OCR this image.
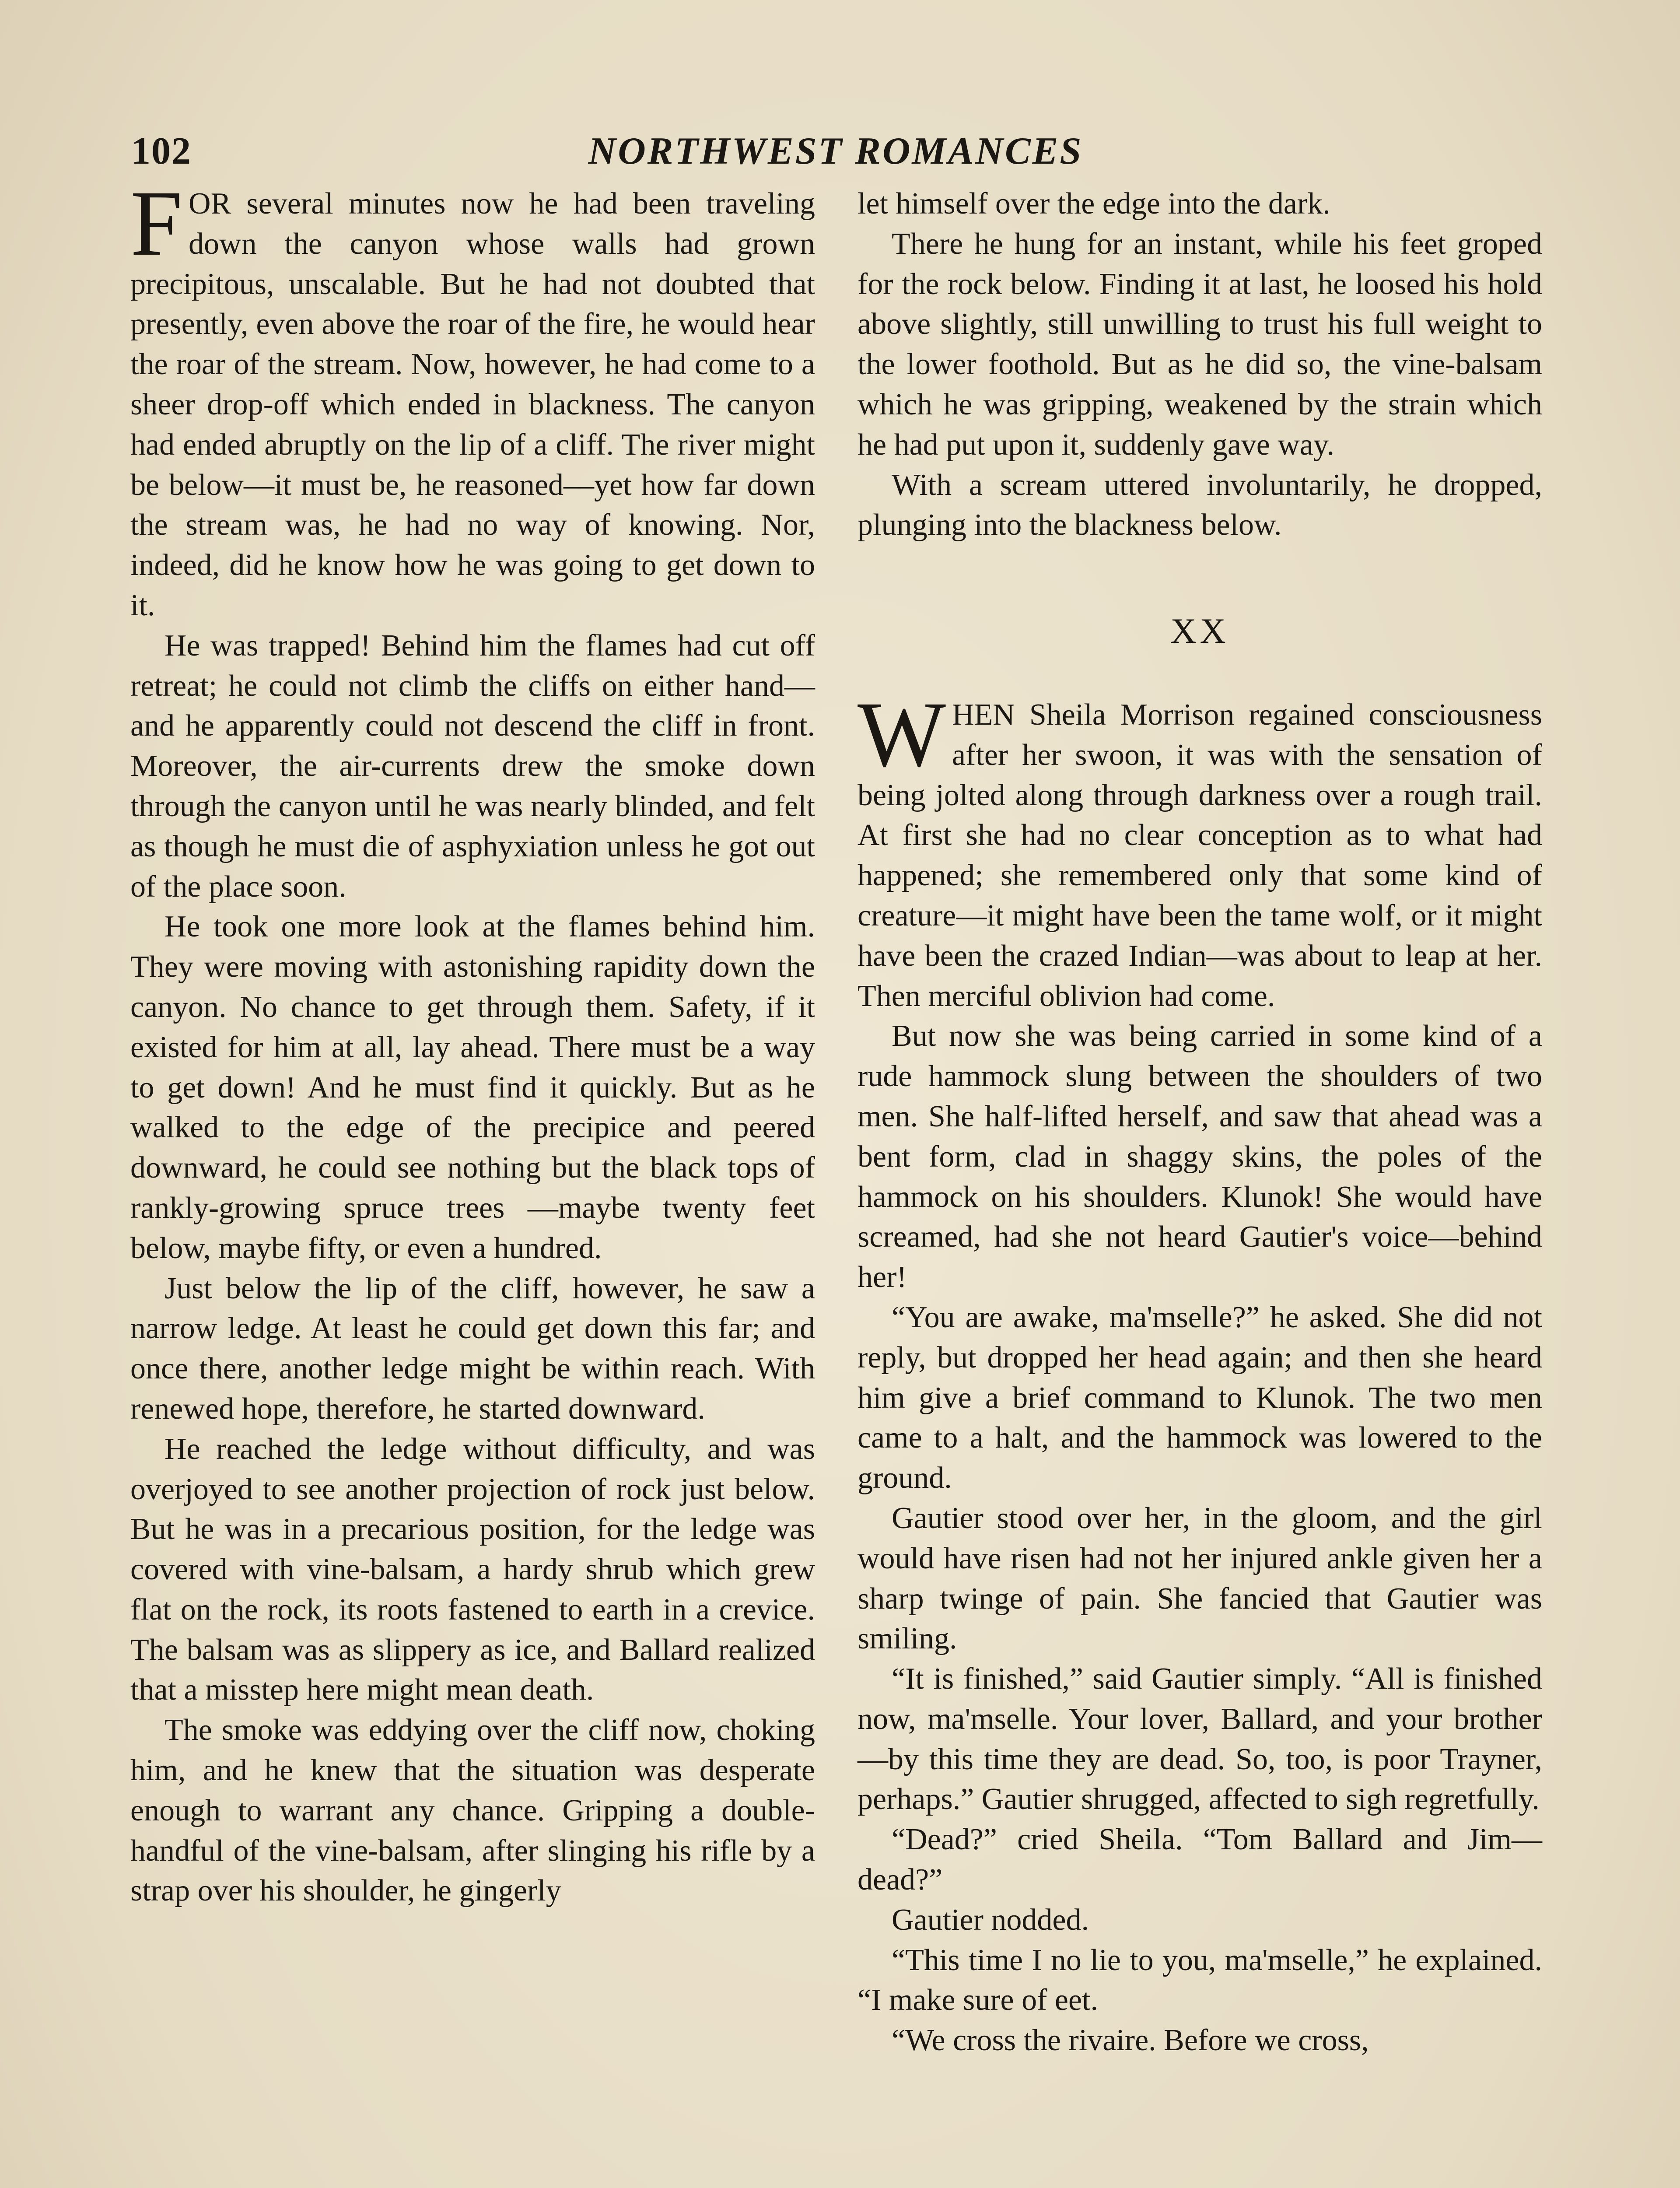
102	NORTHWEST ROMANCES

FOR several minutes now he had been traveling down the canyon whose walls had grown precipitous, unscalable. But he had not doubted that presently, even above the roar of the fire, he would hear the roar of the stream. Now, however, he had come to a sheer drop-off which ended in blackness. The canyon had ended abruptly on the lip of a cliff. The river might be below—it must be, he reasoned—yet how far down the stream was, he had no way of knowing. Nor, indeed, did he know how he was going to get down to it.

He was trapped! Behind him the flames had cut off retreat; he could not climb the cliffs on either hand—and he apparently could not descend the cliff in front. Moreover, the air-currents drew the smoke down through the canyon until he was nearly blinded, and felt as though he must die of asphyxiation unless he got out of the place soon.

He took one more look at the flames behind him. They were moving with astonishing rapidity down the canyon. No chance to get through them. Safety, if it existed for him at all, lay ahead. There must be a way to get down! And he must find it quickly. But as he walked to the edge of the precipice and peered downward, he could see nothing but the black tops of rankly-growing spruce trees —maybe twenty feet below, maybe fifty, or even a hundred.

Just below the lip of the cliff, however, he saw a narrow ledge. At least he could get down this far; and once there, another ledge might be within reach. With renewed hope, therefore, he started downward.

He reached the ledge without difficulty, and was overjoyed to see another projection of rock just below. But he was in a precarious position, for the ledge was covered with vine-balsam, a hardy shrub which grew flat on the rock, its roots fastened to earth in a crevice. The balsam was as slippery as ice, and Ballard realized that a misstep here might mean death.

The smoke was eddying over the cliff now, choking him, and he knew that the situation was desperate enough to warrant any chance. Gripping a double-handful of the vine-balsam, after slinging his rifle by a strap over his shoulder, he gingerly

let himself over the edge into the dark.

There he hung for an instant, while his feet groped for the rock below. Finding it at last, he loosed his hold above slightly, still unwilling to trust his full weight to the lower foothold. But as he did so, the vine-balsam which he was gripping, weakened by the strain which he had put upon it, suddenly gave way.

With a scream uttered involuntarily, he dropped, plunging into the blackness below.

XX

WHEN Sheila Morrison regained consciousness after her swoon, it was with the sensation of being jolted along through darkness over a rough trail. At first she had no clear conception as to what had happened; she remembered only that some kind of creature—it might have been the tame wolf, or it might have been the crazed Indian—was about to leap at her. Then merciful oblivion had come.

But now she was being carried in some kind of a rude hammock slung between the shoulders of two men. She half-lifted herself, and saw that ahead was a bent form, clad in shaggy skins, the poles of the hammock on his shoulders. Klunok! She would have screamed, had she not heard Gautier's voice—behind her!

“You are awake, ma'mselle?” he asked. She did not reply, but dropped her head again; and then she heard him give a brief command to Klunok. The two men came to a halt, and the hammock was lowered to the ground.

Gautier stood over her, in the gloom, and the girl would have risen had not her injured ankle given her a sharp twinge of pain. She fancied that Gautier was smiling.

“It is finished,” said Gautier simply. “All is finished now, ma'mselle. Your lover, Ballard, and your brother—by this time they are dead. So, too, is poor Trayner, perhaps.” Gautier shrugged, affected to sigh regretfully.

“Dead?” cried Sheila. “Tom Ballard and Jim—dead?”

Gautier nodded.

“This time I no lie to you, ma'mselle,” he explained. “I make sure of eet.

“We cross the rivaire. Before we cross,
